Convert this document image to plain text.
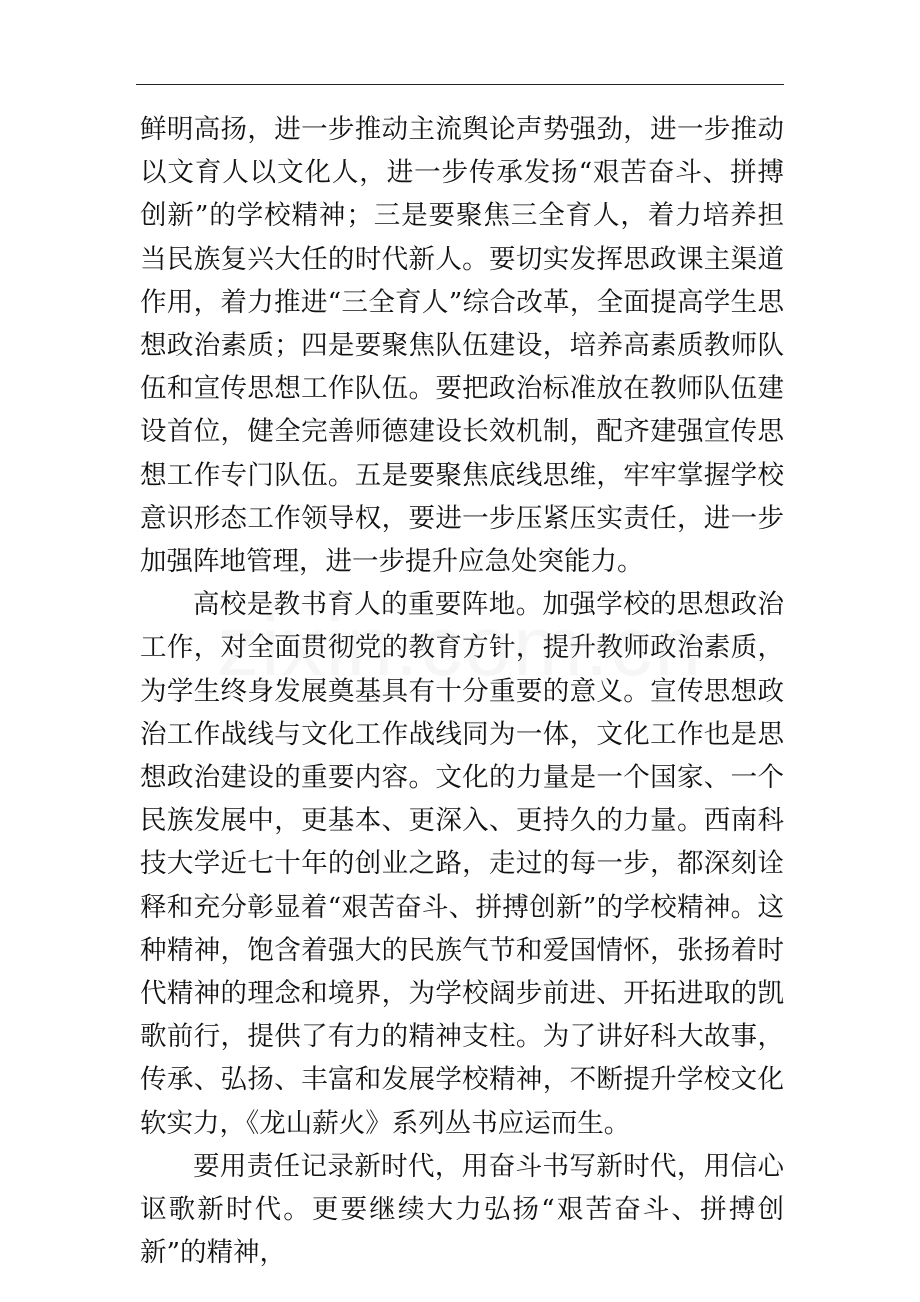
鲜明高扬，进一步推动主流舆论声势强劲，进一步推动以文育人以文化人，进一步传承发扬“艰苦奋斗、拼搏创新”的学校精神；三是要聚焦三全育人，着力培养担当民族复兴大任的时代新人。要切实发挥思政课主渠道作用，着力推进“三全育人”综合改革，全面提高学生思想政治素质；四是要聚焦队伍建设，培养高素质教师队伍和宣传思想工作队伍。要把政治标准放在教师队伍建设首位，健全完善师德建设长效机制，配齐建强宣传思想工作专门队伍。五是要聚焦底线思维，牢牢掌握学校意识形态工作领导权，要进一步压紧压实责任，进一步加强阵地管理，进一步提升应急处突能力。

高校是教书育人的重要阵地。加强学校的思想政治工作，对全面贯彻党的教育方针，提升教师政治素质，为学生终身发展奠基具有十分重要的意义。宣传思想政治工作战线与文化工作战线同为一体，文化工作也是思想政治建设的重要内容。文化的力量是一个国家、一个民族发展中，更基本、更深入、更持久的力量。西南科技大学近七十年的创业之路，走过的每一步，都深刻诠释和充分彰显着“艰苦奋斗、拼搏创新”的学校精神。这种精神，饱含着强大的民族气节和爱国情怀，张扬着时代精神的理念和境界，为学校阔步前进、开拓进取的凯歌前行，提供了有力的精神支柱。为了讲好科大故事，传承、弘扬、丰富和发展学校精神，不断提升学校文化软实力，《龙山薪火》系列丛书应运而生。

要用责任记录新时代，用奋斗书写新时代，用信心讴歌新时代。更要继续大力弘扬“艰苦奋斗、拼搏创新”的精神，
